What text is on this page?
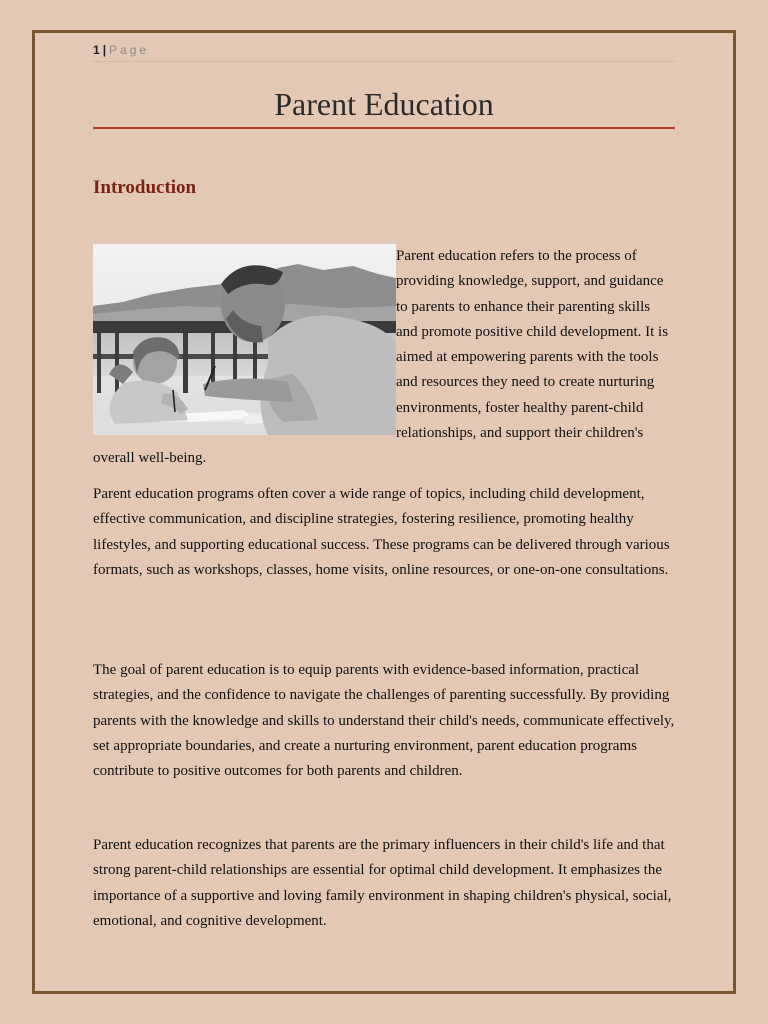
1 | Page
Parent Education
Introduction

Parent education refers to the process of providing knowledge, support, and guidance to parents to enhance their parenting skills and promote positive child development. It is aimed at empowering parents with the tools and resources they need to create nurturing environments, foster healthy parent-child relationships, and support their children's overall well-being.

Parent education programs often cover a wide range of topics, including child development, effective communication, and discipline strategies, fostering resilience, promoting healthy lifestyles, and supporting educational success. These programs can be delivered through various formats, such as workshops, classes, home visits, online resources, or one-on-one consultations.

The goal of parent education is to equip parents with evidence-based information, practical strategies, and the confidence to navigate the challenges of parenting successfully. By providing parents with the knowledge and skills to understand their child's needs, communicate effectively, set appropriate boundaries, and create a nurturing environment, parent education programs contribute to positive outcomes for both parents and children.

Parent education recognizes that parents are the primary influencers in their child's life and that strong parent-child relationships are essential for optimal child development. It emphasizes the importance of a supportive and loving family environment in shaping children's physical, social, emotional, and cognitive development.
